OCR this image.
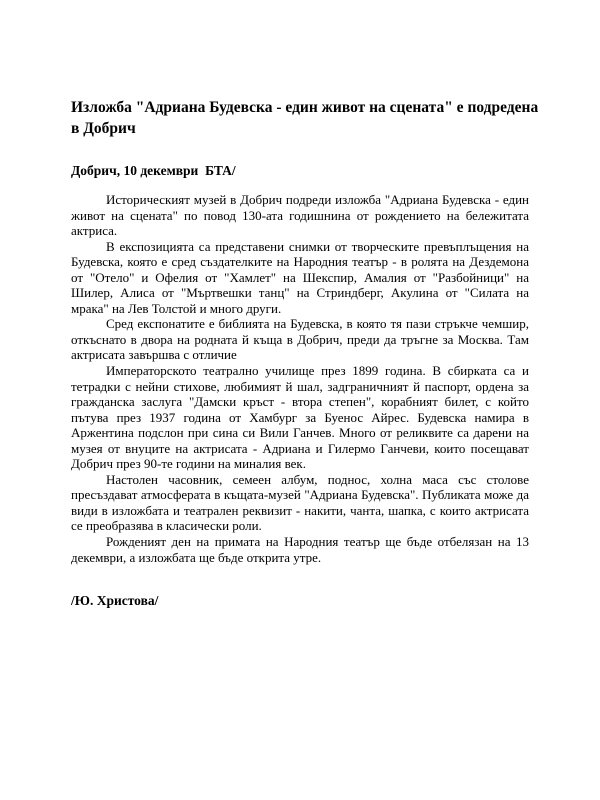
Изложба "Адриана Будевска - един живот на сцената" е подредена в Добрич

Добрич, 10 декември  БТА/

Историческият музей в Добрич подреди изложба "Адриана Будевска - един живот на сцената" по повод 130-ата годишнина от рождението на бележитата актриса.

В експозицията са представени снимки от творческите превъплъщения на Будевска, която е сред създателките на Народния театър - в ролята на Дездемона от "Отело" и Офелия от "Хамлет" на Шекспир, Амалия от "Разбойници" на Шилер, Алиса от "Мъртвешки танц" на Стриндберг, Акулина от "Силата на мрака" на Лев Толстой и много други.

Сред експонатите е библията на Будевска, в която тя пази стръкче чемшир, откъснато в двора на родната й къща в Добрич, преди да тръгне за Москва. Там актрисата завършва с отличие

Императорското театрално училище през 1899 година. В сбирката са и тетрадки с нейни стихове, любимият й шал, задграничният й паспорт, ордена за гражданска заслуга "Дамски кръст - втора степен", корабният билет, с който пътува през 1937 година от Хамбург за Буенос Айрес. Будевска намира в Аржентина подслон при сина си Вили Ганчев. Много от реликвите са дарени на музея от внуците на актрисата - Адриана и Гилермо Ганчеви, които посещават Добрич през 90-те години на миналия век.

Настолен часовник, семеен албум, поднос, холна маса със столове пресъздават атмосферата в къщата-музей "Адриана Будевска". Публиката може да види в изложбата и театрален реквизит - накити, чанта, шапка, с които актрисата се преобразява в класически роли.

Рожденият ден на примата на Народния театър ще бъде отбелязан на 13 декември, а изложбата ще бъде открита утре.

/Ю. Христова/
